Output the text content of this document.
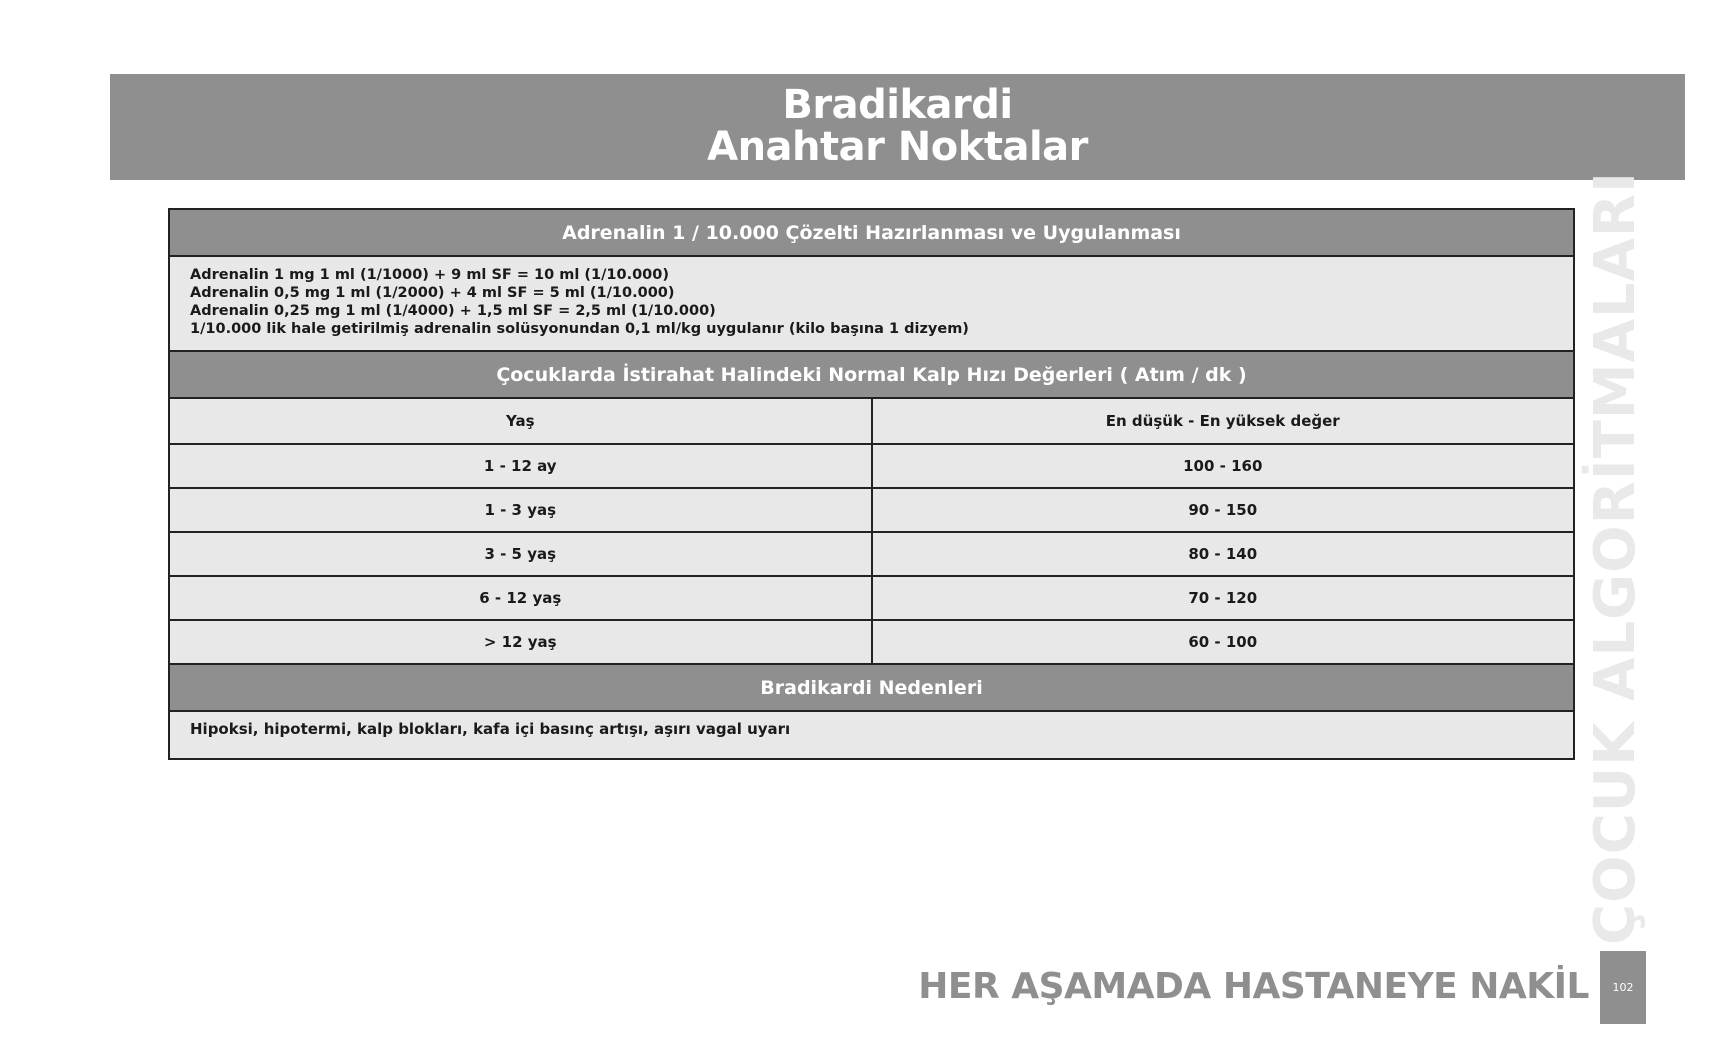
Bradikardi
Anahtar Noktalar
Adrenalin 1 / 10.000 Çözelti Hazırlanması ve Uygulanması	

Adrenalin 1 mg 1 ml (1/1000) + 9 ml SF = 10 ml (1/10.000)
Adrenalin 0,5 mg 1 ml (1/2000) + 4 ml SF = 5 ml (1/10.000)
Adrenalin 0,25 mg 1 ml (1/4000) + 1,5 ml SF = 2,5 ml (1/10.000)
1/10.000 lik hale getirilmiş adrenalin solüsyonundan 0,1 ml/kg uygulanır (kilo başına 1 dizyem)	

Çocuklarda İstirahat Halindeki Normal Kalp Hızı Değerleri ( Atım / dk )	
Yaş	En düşük - En yüksek değer
1 - 12 ay	100 - 160
1 - 3 yaş	90 - 150
3 - 5 yaş	80 - 140
6 - 12 yaş	70 - 120
> 12 yaş	60 - 100
Bradikardi Nedenleri	
Hipoksi, hipotermi, kalp blokları, kafa içi basınç artışı, aşırı vagal uyarı		ÇOCUK ALGORİTMALARI
HER AŞAMADA HASTANEYE NAKİL 102
